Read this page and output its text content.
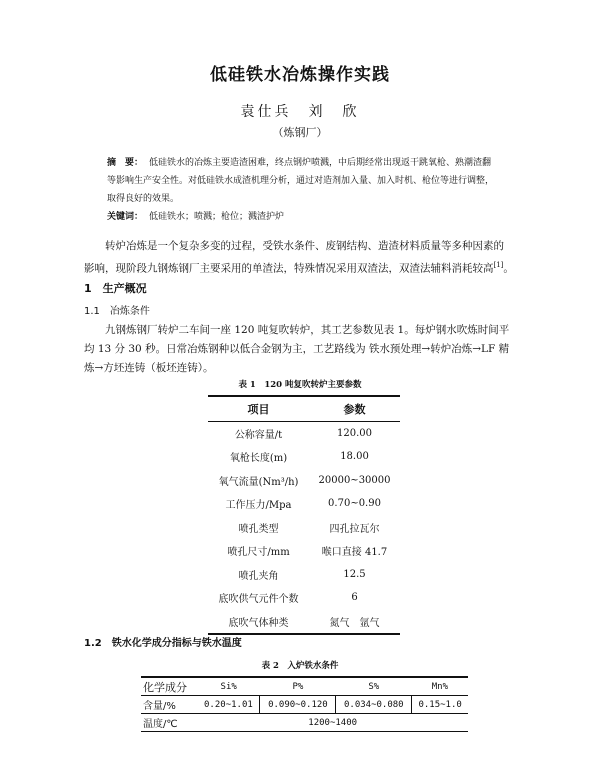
低硅铁水冶炼操作实践
袁仕兵　刘　欣
（炼钢厂）
摘　要： 低硅铁水的冶炼主要造渣困难，终点钢炉喷溅，中后期经常出现返干跳氧枪、熟潮渣翻
等影响生产安全性。对低硅铁水成渣机理分析，通过对造剂加入量、加入时机、枪位等进行调整，
取得良好的效果。
关键词： 低硅铁水；喷溅；枪位；溅渣护炉
转炉冶炼是一个复杂多变的过程，受铁水条件、废钢结构、造渣材料质量等多种因素的
影响，现阶段九钢炼钢厂主要采用的单渣法，特殊情况采用双渣法，双渣法辅料消耗较高[1]。
1　生产概况
1.1　冶炼条件
九钢炼钢厂转炉二车间一座 120 吨复吹转炉，其工艺参数见表 1。每炉钢水吹炼时间平
均 13 分 30 秒。日常冶炼钢种以低合金钢为主，工艺路线为 铁水预处理→转炉冶炼→LF 精
炼→方坯连铸（板坯连铸）。
表 1　120 吨复吹转炉主要参数
项目	参数
公称容量/t	120.00
氧枪长度(m)	18.00
氧气流量(Nm³/h)	20000~30000
工作压力/Mpa	0.70~0.90
喷孔类型	四孔拉瓦尔
喷孔尺寸/mm	喉口直接 41.7
喷孔夹角	12.5
底吹供气元件个数	6
底吹气体种类	氮气　氩气
1.2　铁水化学成分指标与铁水温度
表 2　入炉铁水条件
化学成分	Si%	P%	S%	Mn%
含量/%	0.20~1.01	0.090~0.120	0.034~0.080	0.15~1.0
温度/℃	1200~1400			
